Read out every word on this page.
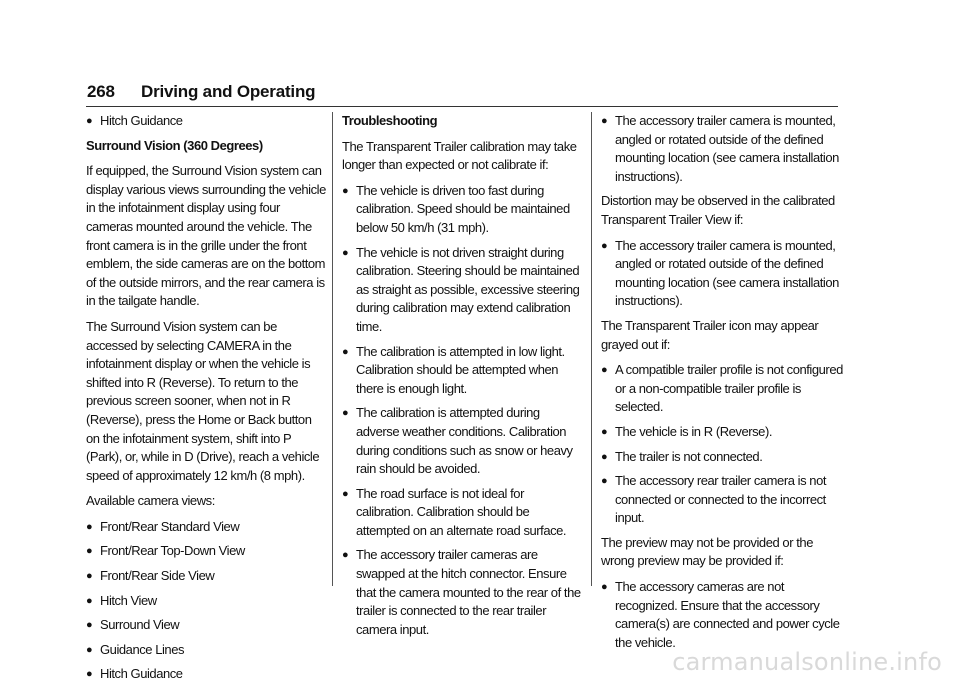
268 Driving and Operating
● Hitch Guidance

Surround Vision (360 Degrees)

If equipped, the Surround Vision system can display various views surrounding the vehicle in the infotainment display using four cameras mounted around the vehicle. The front camera is in the grille under the front emblem, the side cameras are on the bottom of the outside mirrors, and the rear camera is in the tailgate handle.

The Surround Vision system can be accessed by selecting CAMERA in the infotainment display or when the vehicle is shifted into R (Reverse). To return to the previous screen sooner, when not in R (Reverse), press the Home or Back button on the infotainment system, shift into P (Park), or, while in D (Drive), reach a vehicle speed of approximately 12 km/h (8 mph).

Available camera views:

● Front/Rear Standard View
● Front/Rear Top-Down View
● Front/Rear Side View
● Hitch View
● Surround View
● Guidance Lines
● Hitch Guidance

Troubleshooting

The Transparent Trailer calibration may take longer than expected or not calibrate if:

● The vehicle is driven too fast during calibration. Speed should be maintained below 50 km/h (31 mph).
● The vehicle is not driven straight during calibration. Steering should be maintained as straight as possible, excessive steering during calibration may extend calibration time.
● The calibration is attempted in low light. Calibration should be attempted when there is enough light.
● The calibration is attempted during adverse weather conditions. Calibration during conditions such as snow or heavy rain should be avoided.
● The road surface is not ideal for calibration. Calibration should be attempted on an alternate road surface.
● The accessory trailer cameras are swapped at the hitch connector. Ensure that the camera mounted to the rear of the trailer is connected to the rear trailer camera input.
● The accessory trailer camera is mounted, angled or rotated outside of the defined mounting location (see camera installation instructions).

Distortion may be observed in the calibrated Transparent Trailer View if:

● The accessory trailer camera is mounted, angled or rotated outside of the defined mounting location (see camera installation instructions).

The Transparent Trailer icon may appear grayed out if:

● A compatible trailer profile is not configured or a non-compatible trailer profile is selected.
● The vehicle is in R (Reverse).
● The trailer is not connected.
● The accessory rear trailer camera is not connected or connected to the incorrect input.

The preview may not be provided or the wrong preview may be provided if:

● The accessory cameras are not recognized. Ensure that the accessory camera(s) are connected and power cycle the vehicle.
carmanualsonline.info
